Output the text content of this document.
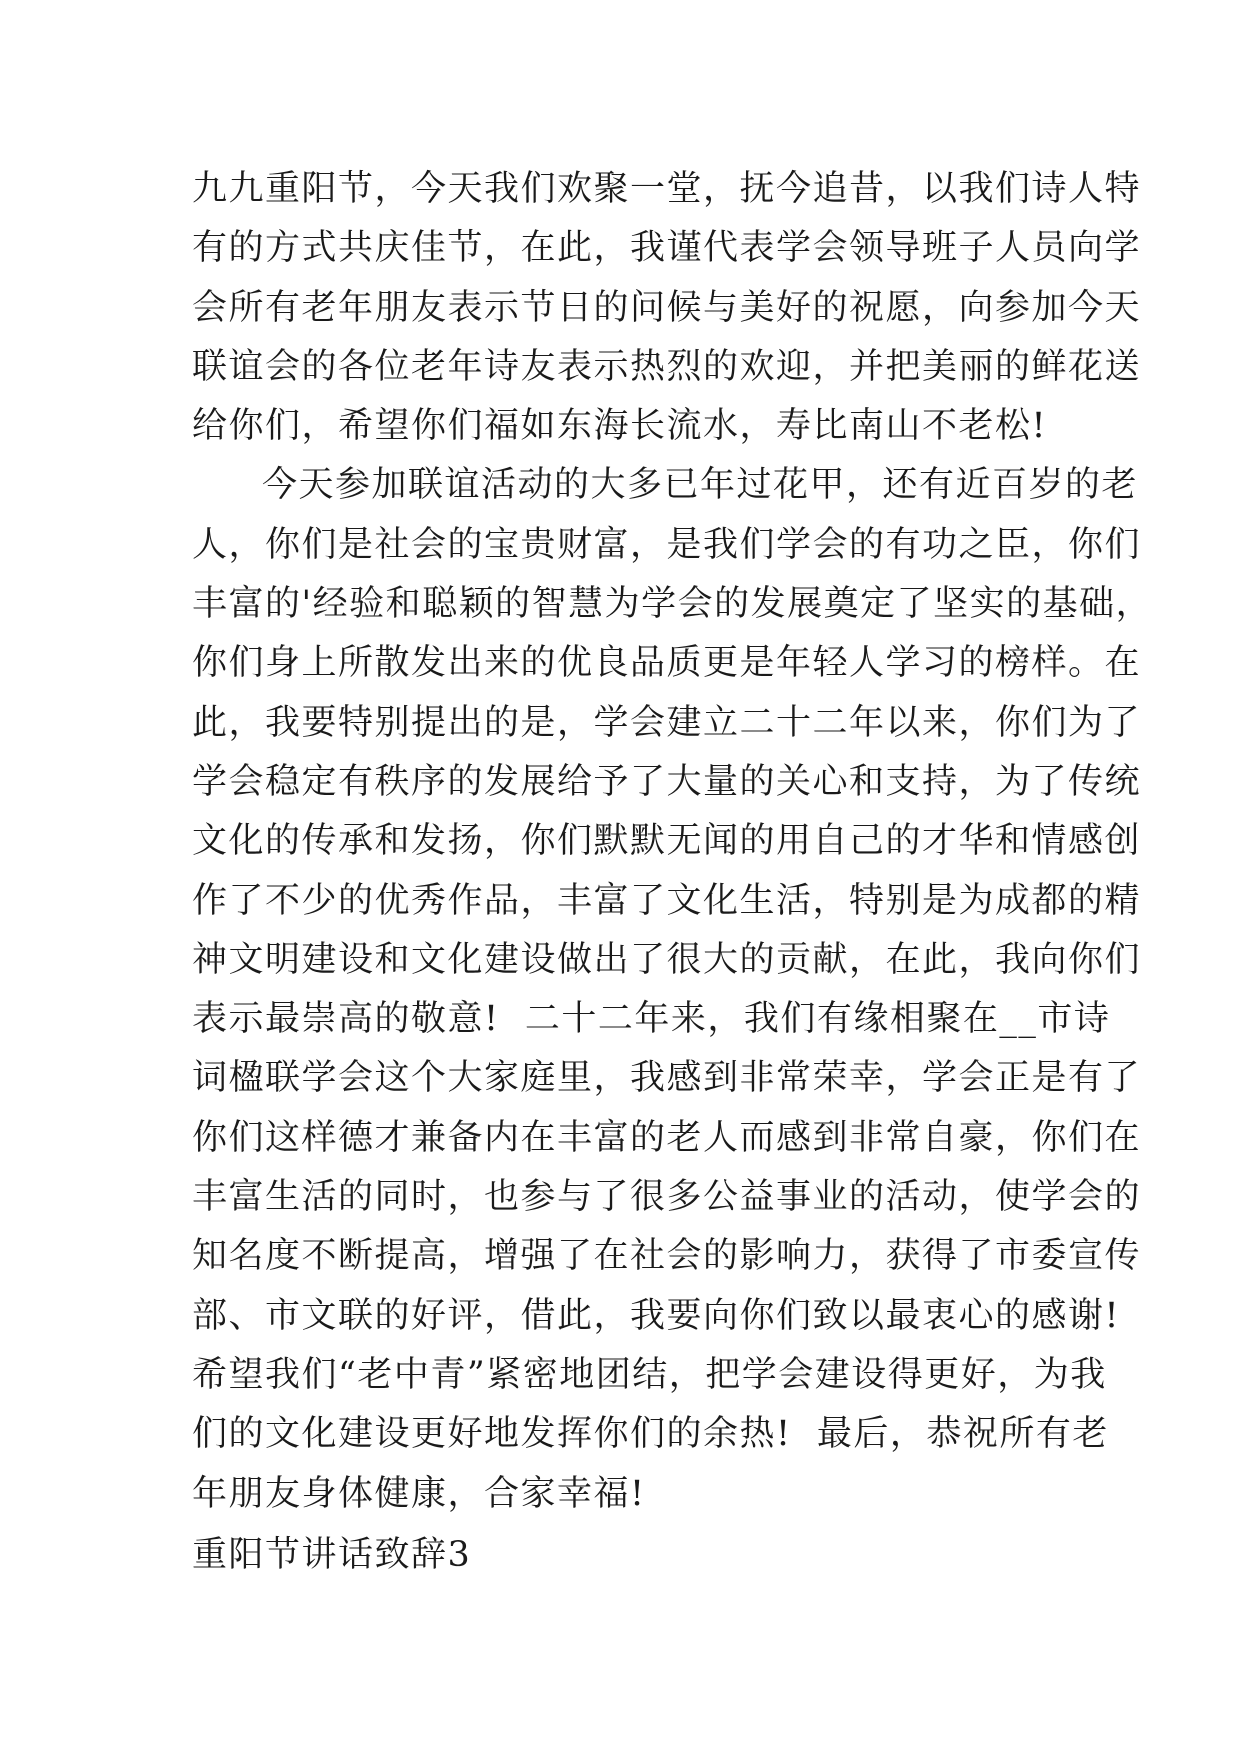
九九重阳节，今天我们欢聚一堂，抚今追昔，以我们诗人特
有的方式共庆佳节，在此，我谨代表学会领导班子人员向学
会所有老年朋友表示节日的问候与美好的祝愿，向参加今天
联谊会的各位老年诗友表示热烈的欢迎，并把美丽的鲜花送
给你们，希望你们福如东海长流水，寿比南山不老松!
今天参加联谊活动的大多已年过花甲，还有近百岁的老
人，你们是社会的宝贵财富，是我们学会的有功之臣，你们
丰富的'经验和聪颖的智慧为学会的发展奠定了坚实的基础，
你们身上所散发出来的优良品质更是年轻人学习的榜样。在
此，我要特别提出的是，学会建立二十二年以来，你们为了
学会稳定有秩序的发展给予了大量的关心和支持，为了传统
文化的传承和发扬，你们默默无闻的用自己的才华和情感创
作了不少的优秀作品，丰富了文化生活，特别是为成都的精
神文明建设和文化建设做出了很大的贡献，在此，我向你们
表示最崇高的敬意!  二十二年来，我们有缘相聚在__市诗
词楹联学会这个大家庭里，我感到非常荣幸，学会正是有了
你们这样德才兼备内在丰富的老人而感到非常自豪，你们在
丰富生活的同时，也参与了很多公益事业的活动，使学会的
知名度不断提高，增强了在社会的影响力，获得了市委宣传
部、市文联的好评，借此，我要向你们致以最衷心的感谢!
希望我们“老中青”紧密地团结，把学会建设得更好，为我
们的文化建设更好地发挥你们的余热!  最后，恭祝所有老
年朋友身体健康，合家幸福!
重阳节讲话致辞3
